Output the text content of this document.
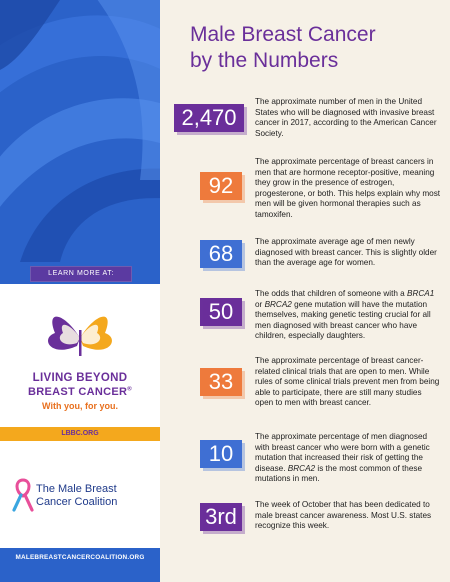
LEARN MORE AT:
LIVING BEYOND
BREAST CANCER®
With you, for you.
LBBC.ORG
The Male Breast
Cancer Coalition
MALEBREASTCANCERCOALITION.ORG
Male Breast Cancer
by the Numbers
2,470
The approximate number of men in the United States who will be diagnosed with invasive breast cancer in 2017, according to the American Cancer Society.
92
The approximate percentage of breast cancers in men that are hormone receptor-positive, meaning they grow in the presence of estrogen, progesterone, or both. This helps explain why most men will be given hormonal therapies such as tamoxifen.
68	The approximate average age of men newly diagnosed with breast cancer. This is slightly older than the average age for women.
50
The odds that children of someone with a BRCA1 or BRCA2 gene mutation will have the mutation themselves, making genetic testing crucial for all men diagnosed with breast cancer who have children, especially daughters.
33
The approximate percentage of breast cancer-related clinical trials that are open to men. While rules of some clinical trials prevent men from being able to participate, there are still many studies open to men with breast cancer.
10
The approximate percentage of men diagnosed with breast cancer who were born with a genetic mutation that increased their risk of getting the disease. BRCA2 is the most common of these mutations in men.
3rd	The week of October that has been dedicated to male breast cancer awareness. Most U.S. states recognize this week.
